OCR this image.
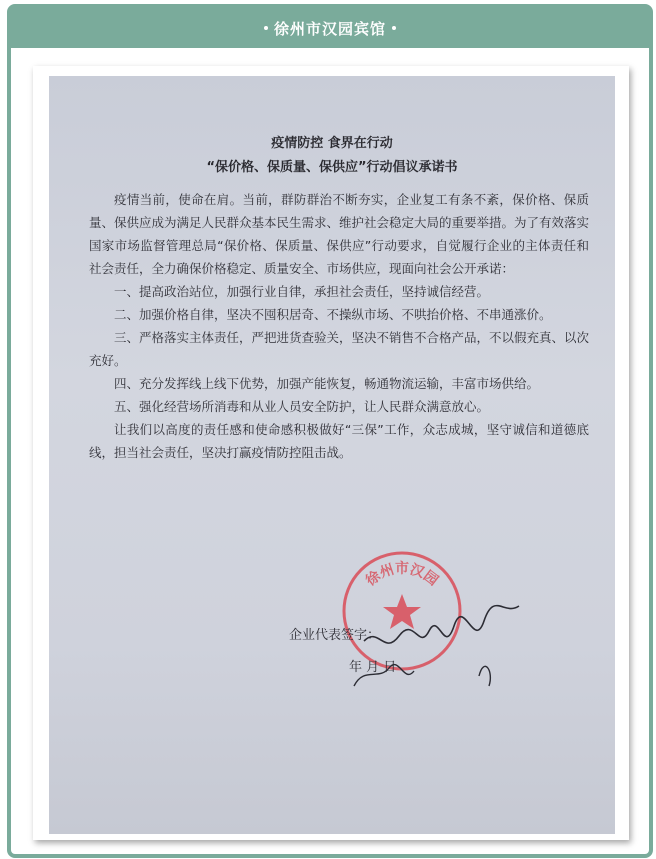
徐州市汉园宾馆
疫情防控 食界在行动
“保价格、保质量、保供应”行动倡议承诺书

疫情当前，使命在肩。当前，群防群治不断夯实，企业复工有条不紊，保价格、保质量、保供应成为满足人民群众基本民生需求、维护社会稳定大局的重要举措。为了有效落实国家市场监督管理总局“保价格、保质量、保供应”行动要求，自觉履行企业的主体责任和社会责任，全力确保价格稳定、质量安全、市场供应，现面向社会公开承诺：

一、提高政治站位，加强行业自律，承担社会责任，坚持诚信经营。

二、加强价格自律，坚决不囤积居奇、不操纵市场、不哄抬价格、不串通涨价。

三、严格落实主体责任，严把进货查验关，坚决不销售不合格产品，不以假充真、以次充好。

四、充分发挥线上线下优势，加强产能恢复，畅通物流运输，丰富市场供给。

五、强化经营场所消毒和从业人员安全防护，让人民群众满意放心。

让我们以高度的责任感和使命感积极做好“三保”工作，众志成城，坚守诚信和道德底线，担当社会责任，坚决打赢疫情防控阻击战。

徐州市汉园
企业代表签字：
年 月 日
